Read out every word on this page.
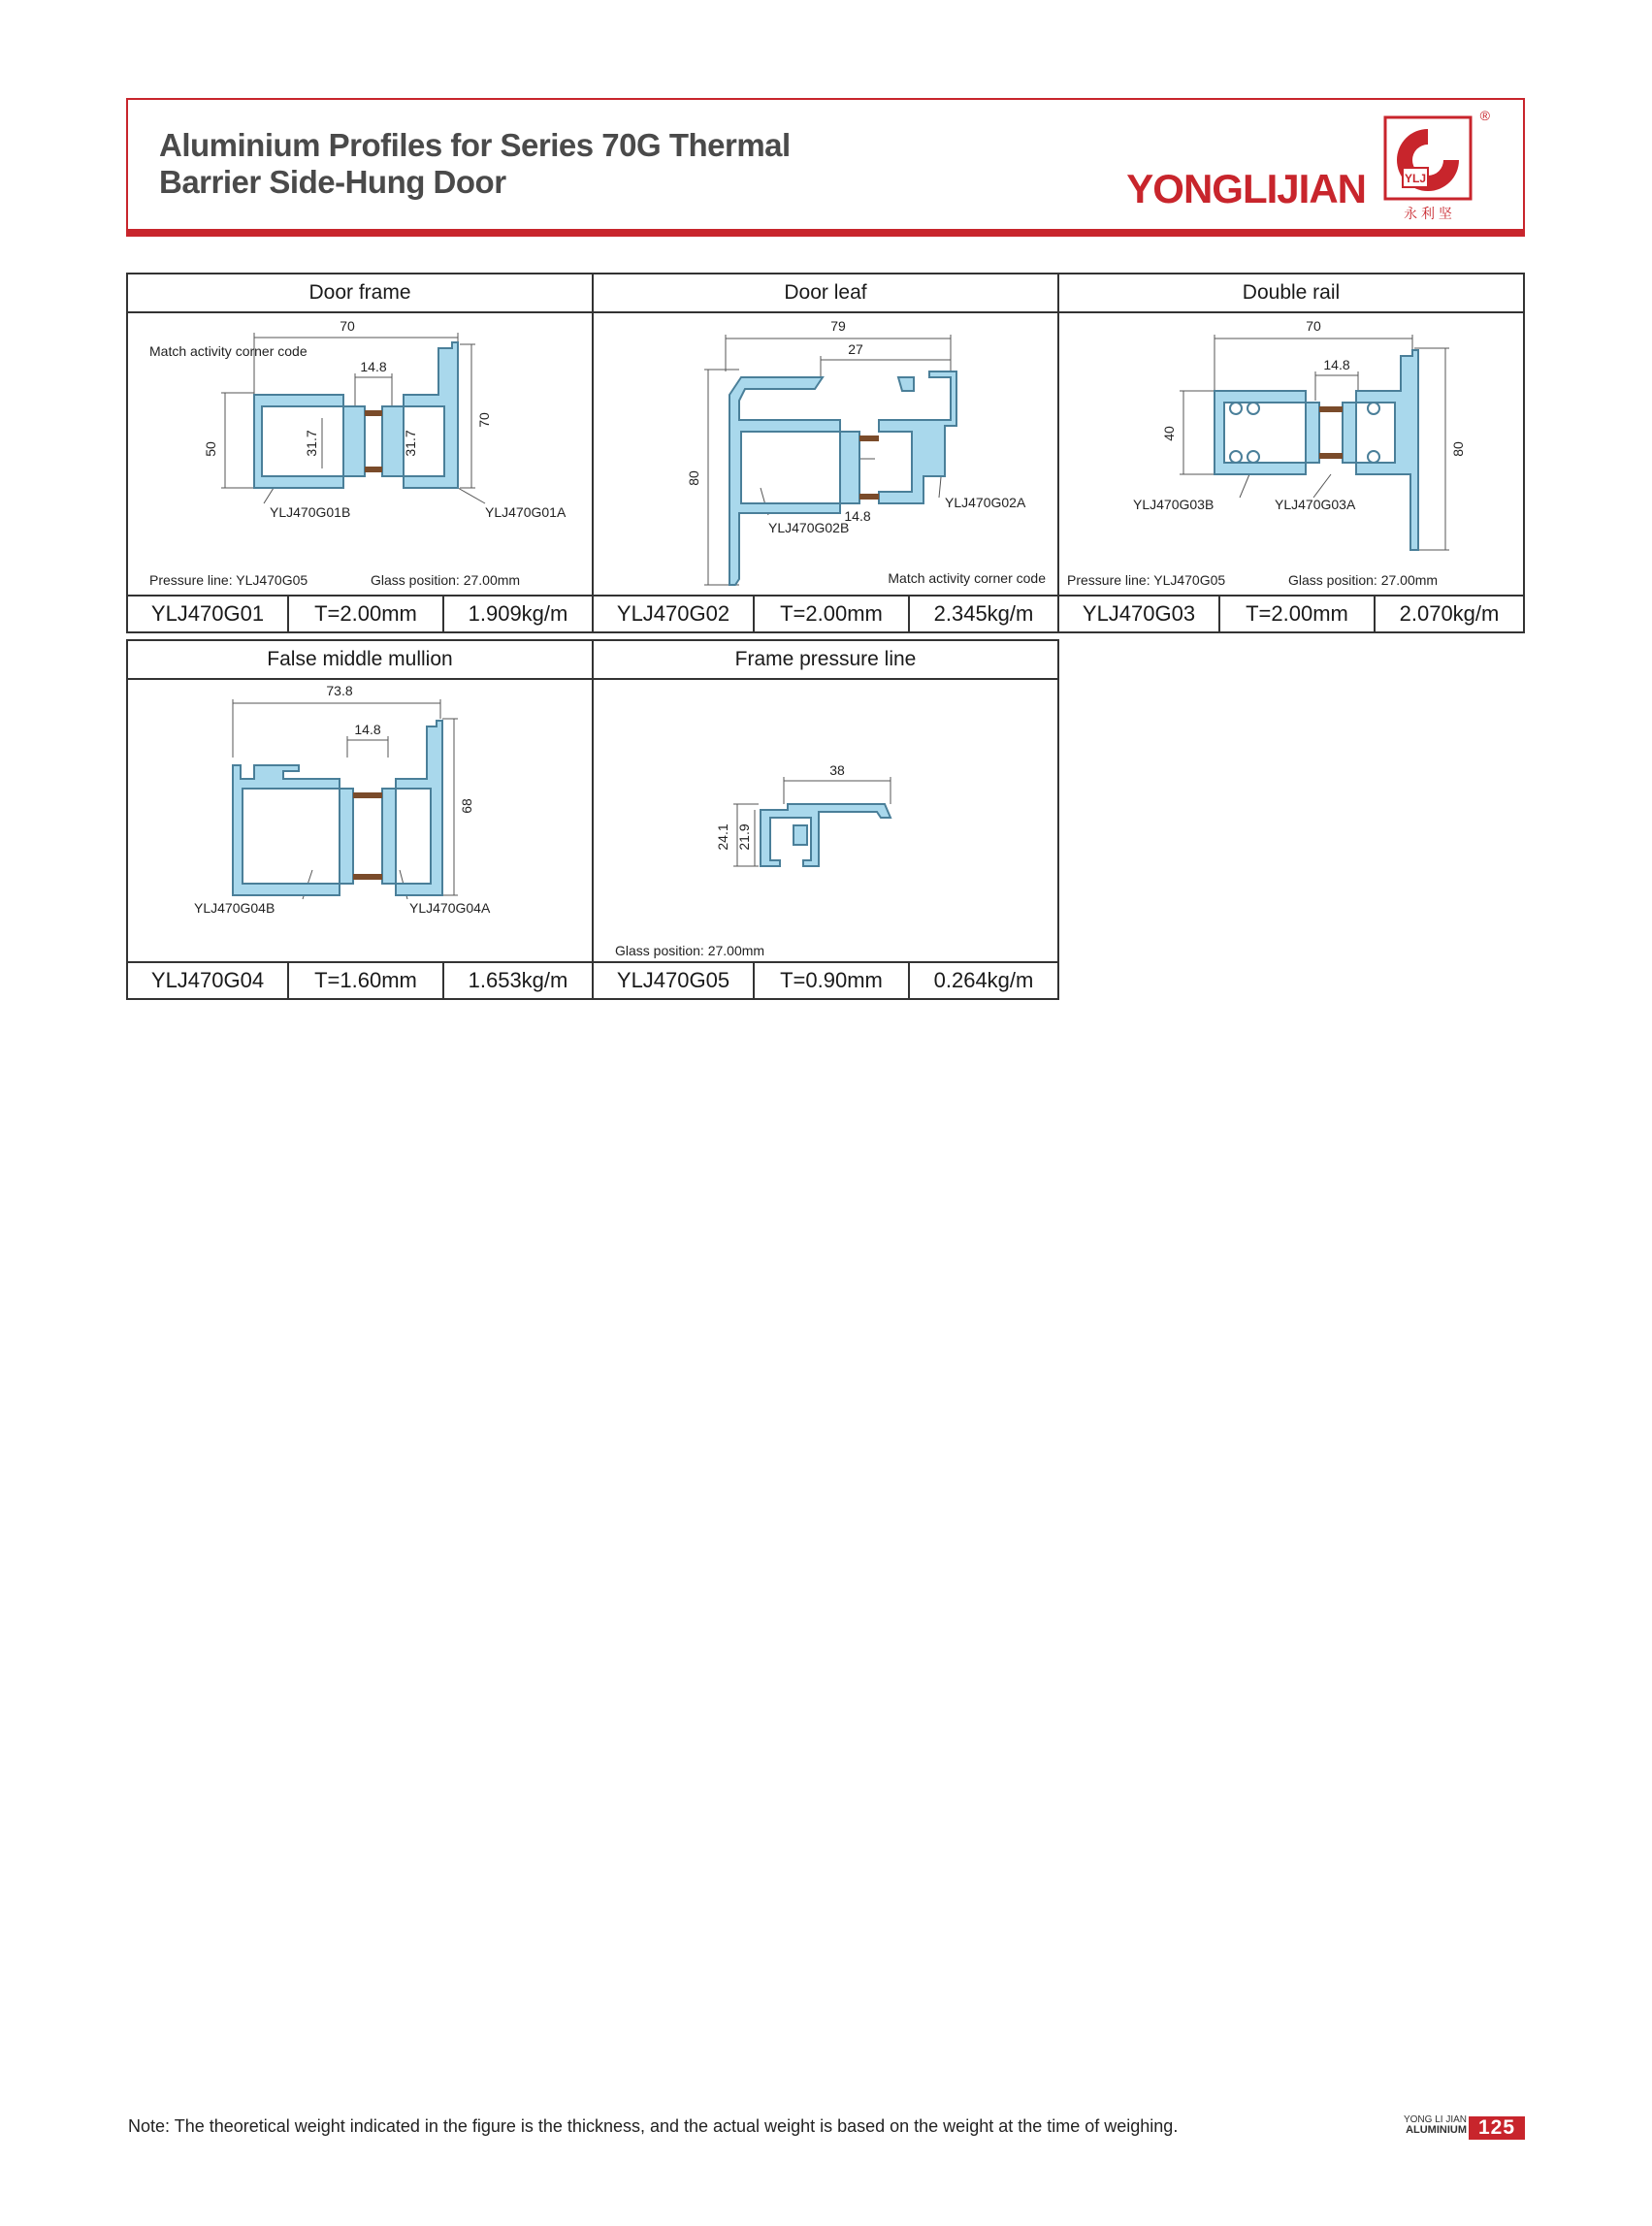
Aluminium Profiles for Series 70G Thermal
Barrier Side-Hung Door	YONGLIJIAN	YLJ
永 利 坚
®
Door frame
70
14.8
50
70
31.7	31.7
Match activity corner code
YLJ470G01B	YLJ470G01A
Pressure line: YLJ470G05	Glass position: 27.00mm
YLJ470G01	T=2.00mm	1.909kg/m
Door leaf
79
27
80
14.8
YLJ470G02A
YLJ470G02B
Match activity corner code
YLJ470G02	T=2.00mm	2.345kg/m
Double rail
70
14.8
40
80
YLJ470G03B	YLJ470G03A
Pressure line: YLJ470G05	Glass position: 27.00mm
YLJ470G03	T=2.00mm	2.070kg/m
False middle mullion
73.8
14.8
68
YLJ470G04B	YLJ470G04A
YLJ470G04	T=1.60mm	1.653kg/m
Frame pressure line
38
24.1 21.9
Glass position: 27.00mm
YLJ470G05	T=0.90mm	0.264kg/m
Note: The theoretical weight indicated in the figure is the thickness, and the actual weight is based on the weight at the time of weighing.	YONG LI JIAN
ALUMINIUM 125
